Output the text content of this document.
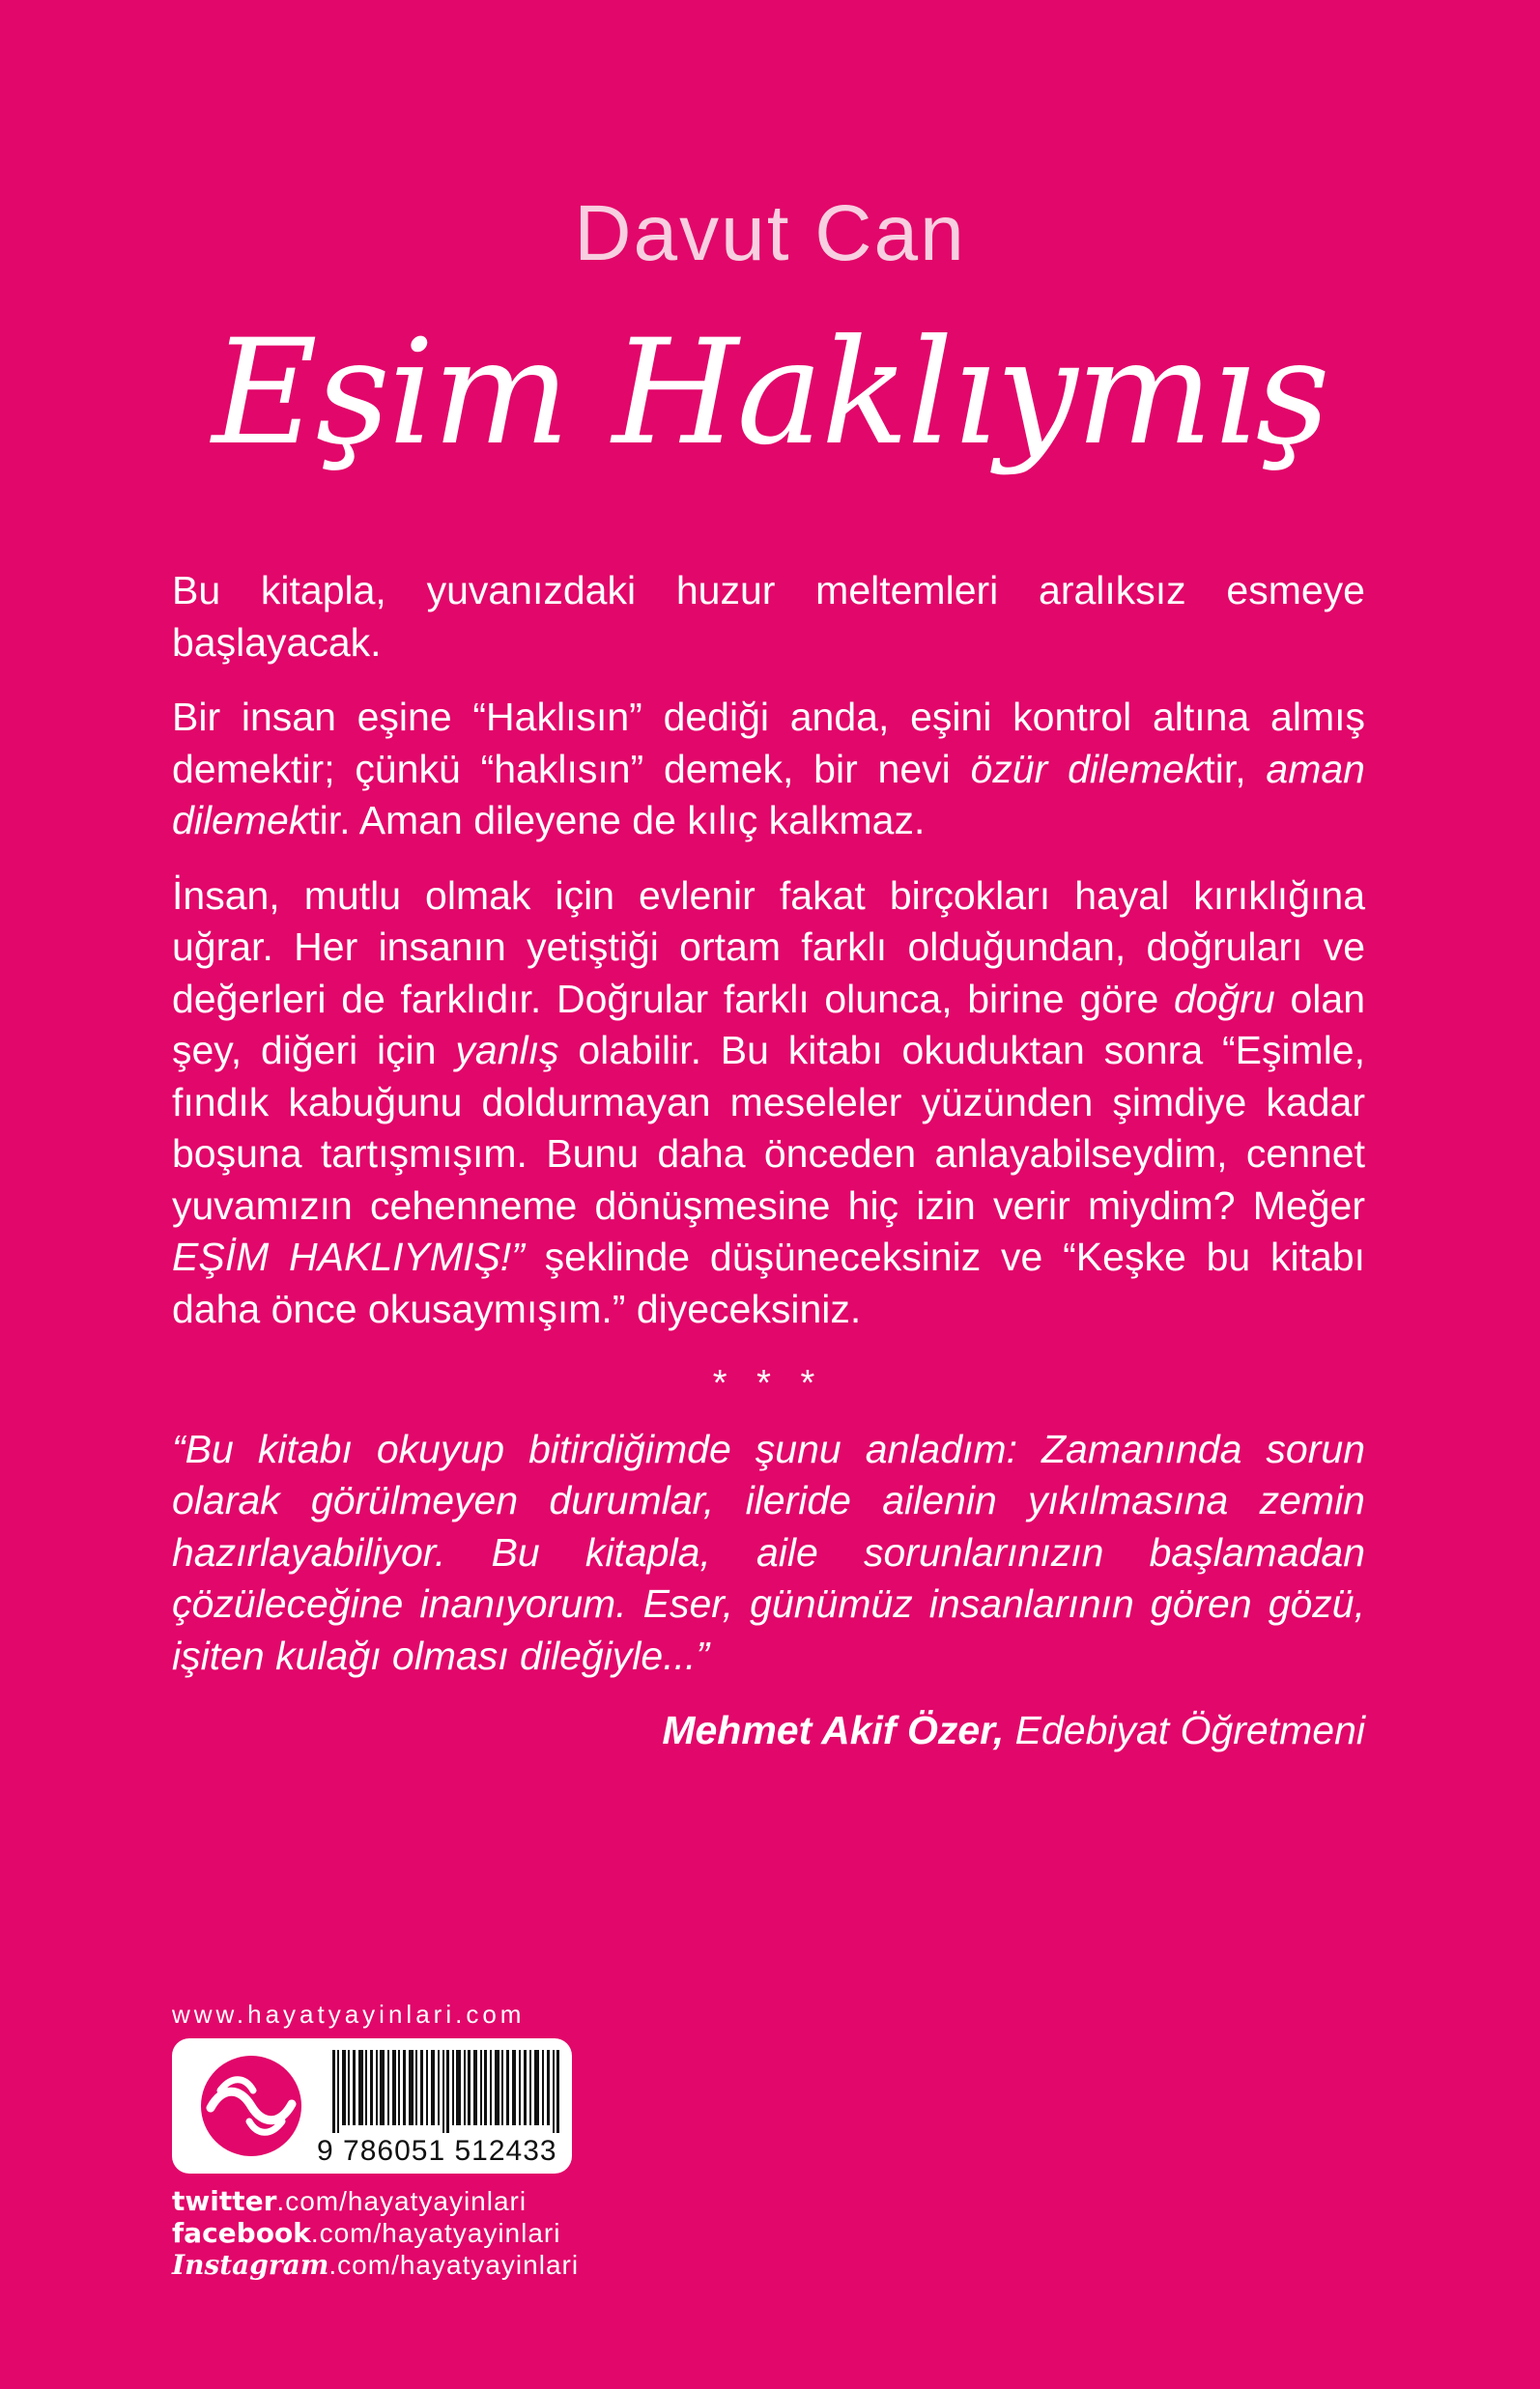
Davut Can
Eşim Haklıymış

Bu kitapla, yuvanızdaki huzur meltemleri aralıksız esmeye başlayacak.

Bir insan eşine “Haklısın” dediği anda, eşini kontrol altına almış demektir; çünkü “haklısın” demek, bir nevi özür dilemektir, aman dilemektir. Aman dileyene de kılıç kalkmaz.

İnsan, mutlu olmak için evlenir fakat birçokları hayal kırıklığına uğrar. Her insanın yetiştiği ortam farklı olduğundan, doğruları ve değerleri de farklıdır. Doğrular farklı olunca, birine göre doğru olan şey, diğeri için yanlış olabilir. Bu kitabı okuduktan sonra “Eşimle, fındık kabuğunu doldurmayan meseleler yüzünden şimdiye kadar boşuna tartışmışım. Bunu daha önceden anlayabilseydim, cennet yuvamızın cehenneme dönüşmesine hiç izin verir miydim? Meğer EŞİM HAKLIYMIŞ!” şeklinde düşüneceksiniz ve “Keşke bu kitabı daha önce okusaymışım.” diyeceksiniz.

* * *

“Bu kitabı okuyup bitirdiğimde şunu anladım: Zamanında sorun olarak görülmeyen durumlar, ileride ailenin yıkılmasına zemin hazırlayabiliyor. Bu kitapla, aile sorunlarınızın başlamadan çözüleceğine inanıyorum. Eser, günümüz insanlarının gören gözü, işiten kulağı olması dileğiyle...”

Mehmet Akif Özer, Edebiyat Öğretmeni
www.hayatyayinlari.com
9 786051 512433
twitter.com/hayatyayinlari
facebook.com/hayatyayinlari
Instagram.com/hayatyayinlari
